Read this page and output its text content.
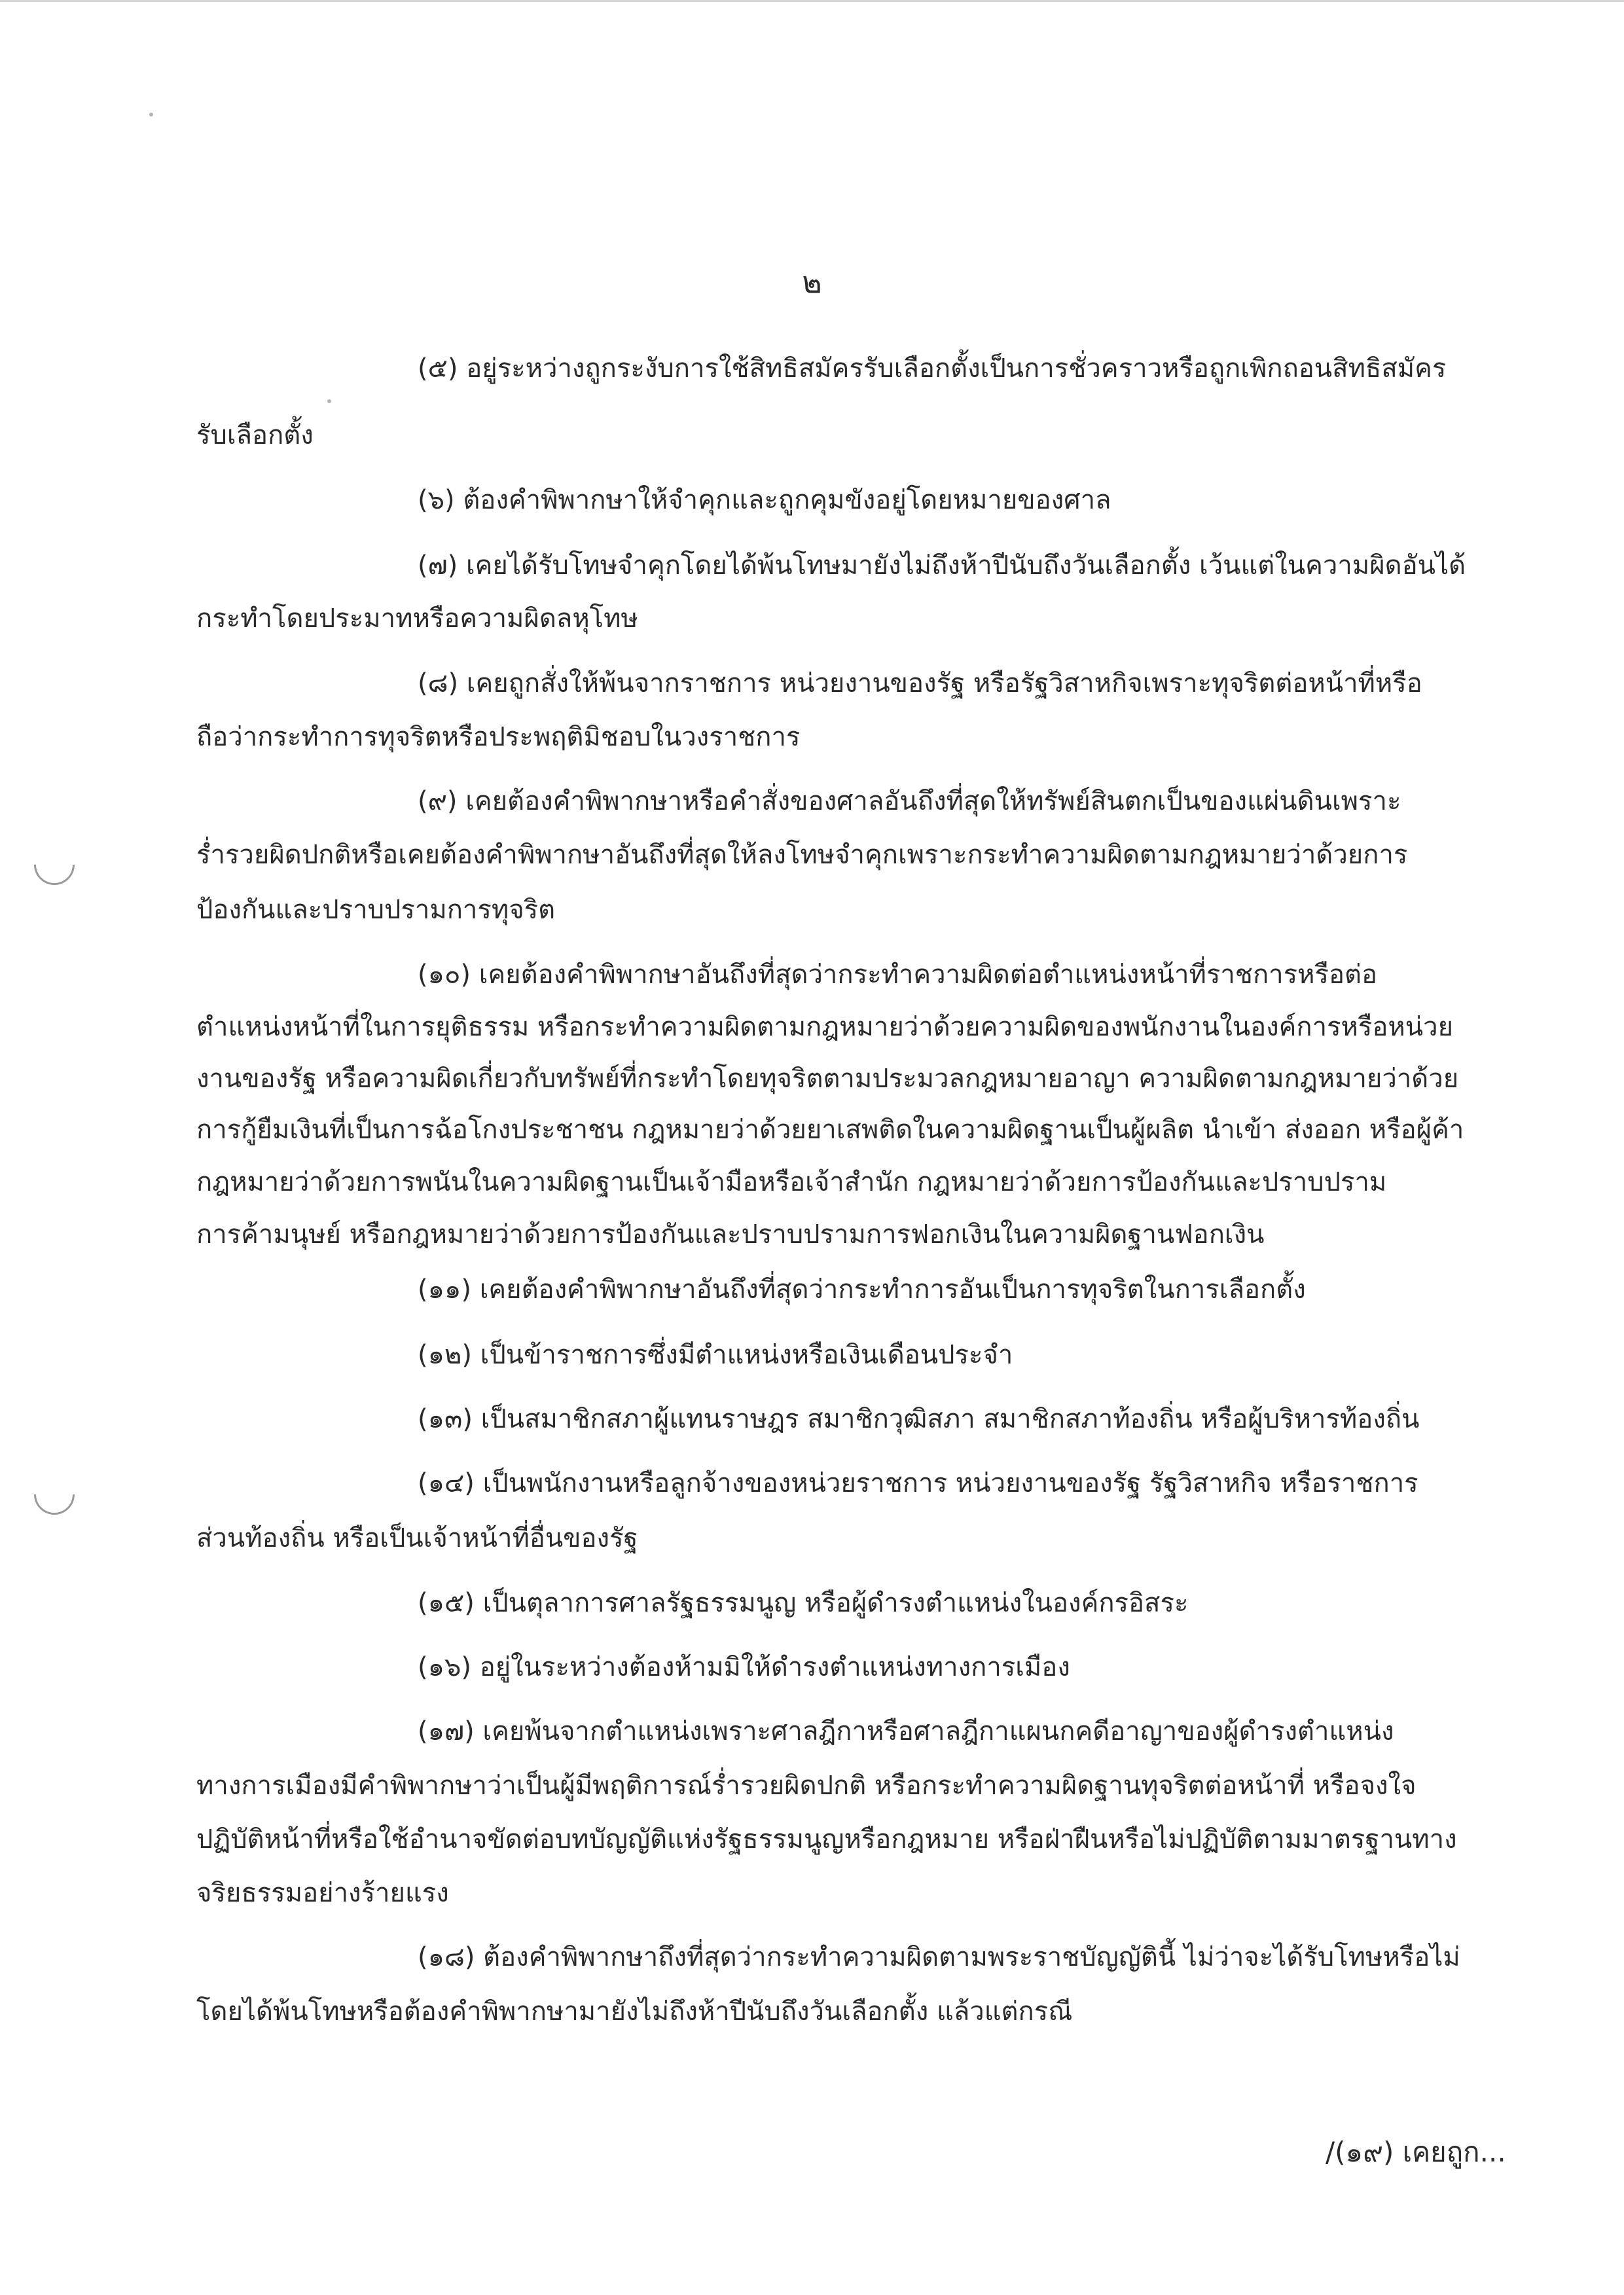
๒
(๕) อยู่ระหว่างถูกระงับการใช้สิทธิสมัครรับเลือกตั้งเป็นการชั่วคราวหรือถูกเพิกถอนสิทธิสมัคร
รับเลือกตั้ง
(๖) ต้องคำพิพากษาให้จำคุกและถูกคุมขังอยู่โดยหมายของศาล
(๗) เคยได้รับโทษจำคุกโดยได้พ้นโทษมายังไม่ถึงห้าปีนับถึงวันเลือกตั้ง เว้นแต่ในความผิดอันได้
กระทำโดยประมาทหรือความผิดลหุโทษ
(๘) เคยถูกสั่งให้พ้นจากราชการ หน่วยงานของรัฐ หรือรัฐวิสาหกิจเพราะทุจริตต่อหน้าที่หรือ
ถือว่ากระทำการทุจริตหรือประพฤติมิชอบในวงราชการ
(๙) เคยต้องคำพิพากษาหรือคำสั่งของศาลอันถึงที่สุดให้ทรัพย์สินตกเป็นของแผ่นดินเพราะ
ร่ำรวยผิดปกติหรือเคยต้องคำพิพากษาอันถึงที่สุดให้ลงโทษจำคุกเพราะกระทำความผิดตามกฎหมายว่าด้วยการ
ป้องกันและปราบปรามการทุจริต
(๑๐) เคยต้องคำพิพากษาอันถึงที่สุดว่ากระทำความผิดต่อตำแหน่งหน้าที่ราชการหรือต่อ
ตำแหน่งหน้าที่ในการยุติธรรม หรือกระทำความผิดตามกฎหมายว่าด้วยความผิดของพนักงานในองค์การหรือหน่วย
งานของรัฐ หรือความผิดเกี่ยวกับทรัพย์ที่กระทำโดยทุจริตตามประมวลกฎหมายอาญา ความผิดตามกฎหมายว่าด้วย
การกู้ยืมเงินที่เป็นการฉ้อโกงประชาชน กฎหมายว่าด้วยยาเสพติดในความผิดฐานเป็นผู้ผลิต นำเข้า ส่งออก หรือผู้ค้า
กฎหมายว่าด้วยการพนันในความผิดฐานเป็นเจ้ามือหรือเจ้าสำนัก กฎหมายว่าด้วยการป้องกันและปราบปราม
การค้ามนุษย์ หรือกฎหมายว่าด้วยการป้องกันและปราบปรามการฟอกเงินในความผิดฐานฟอกเงิน
(๑๑) เคยต้องคำพิพากษาอันถึงที่สุดว่ากระทำการอันเป็นการทุจริตในการเลือกตั้ง
(๑๒) เป็นข้าราชการซึ่งมีตำแหน่งหรือเงินเดือนประจำ
(๑๓) เป็นสมาชิกสภาผู้แทนราษฎร สมาชิกวุฒิสภา สมาชิกสภาท้องถิ่น หรือผู้บริหารท้องถิ่น
(๑๔) เป็นพนักงานหรือลูกจ้างของหน่วยราชการ หน่วยงานของรัฐ รัฐวิสาหกิจ หรือราชการ
ส่วนท้องถิ่น หรือเป็นเจ้าหน้าที่อื่นของรัฐ
(๑๕) เป็นตุลาการศาลรัฐธรรมนูญ หรือผู้ดำรงตำแหน่งในองค์กรอิสระ
(๑๖) อยู่ในระหว่างต้องห้ามมิให้ดำรงตำแหน่งทางการเมือง
(๑๗) เคยพ้นจากตำแหน่งเพราะศาลฎีกาหรือศาลฎีกาแผนกคดีอาญาของผู้ดำรงตำแหน่ง
ทางการเมืองมีคำพิพากษาว่าเป็นผู้มีพฤติการณ์ร่ำรวยผิดปกติ หรือกระทำความผิดฐานทุจริตต่อหน้าที่ หรือจงใจ
ปฏิบัติหน้าที่หรือใช้อำนาจขัดต่อบทบัญญัติแห่งรัฐธรรมนูญหรือกฎหมาย หรือฝ่าฝืนหรือไม่ปฏิบัติตามมาตรฐานทาง
จริยธรรมอย่างร้ายแรง
(๑๘) ต้องคำพิพากษาถึงที่สุดว่ากระทำความผิดตามพระราชบัญญัตินี้ ไม่ว่าจะได้รับโทษหรือไม่
โดยได้พ้นโทษหรือต้องคำพิพากษามายังไม่ถึงห้าปีนับถึงวันเลือกตั้ง แล้วแต่กรณี
/(๑๙) เคยถูก...
